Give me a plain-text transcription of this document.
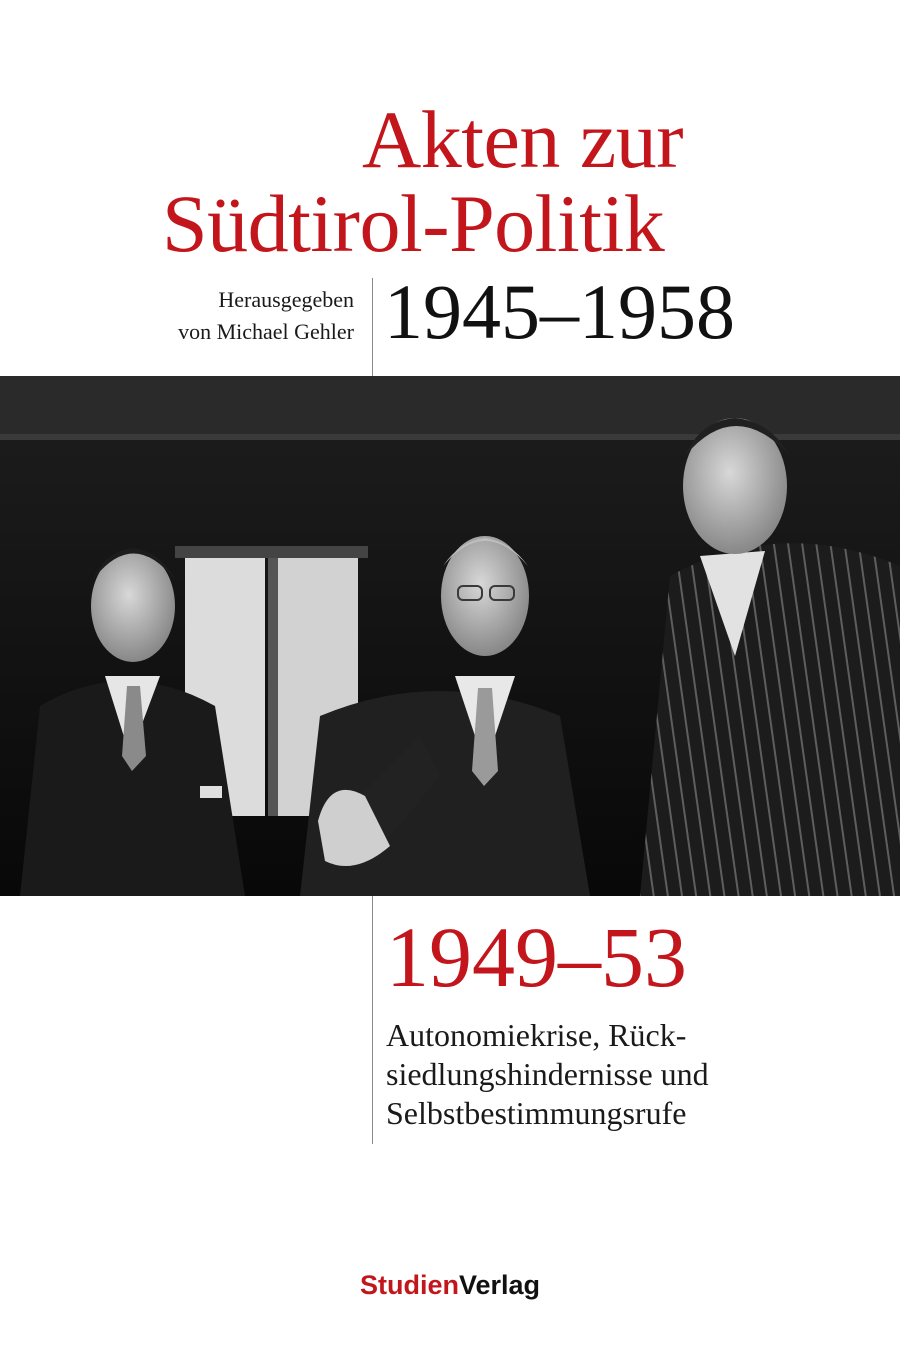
Akten zur
Südtirol-Politik
Herausgegeben
von Michael Gehler 1945–1958
1949–53
Autonomiekrise, Rück-
siedlungshindernisse und
Selbstbestimmungsrufe
StudienVerlag
